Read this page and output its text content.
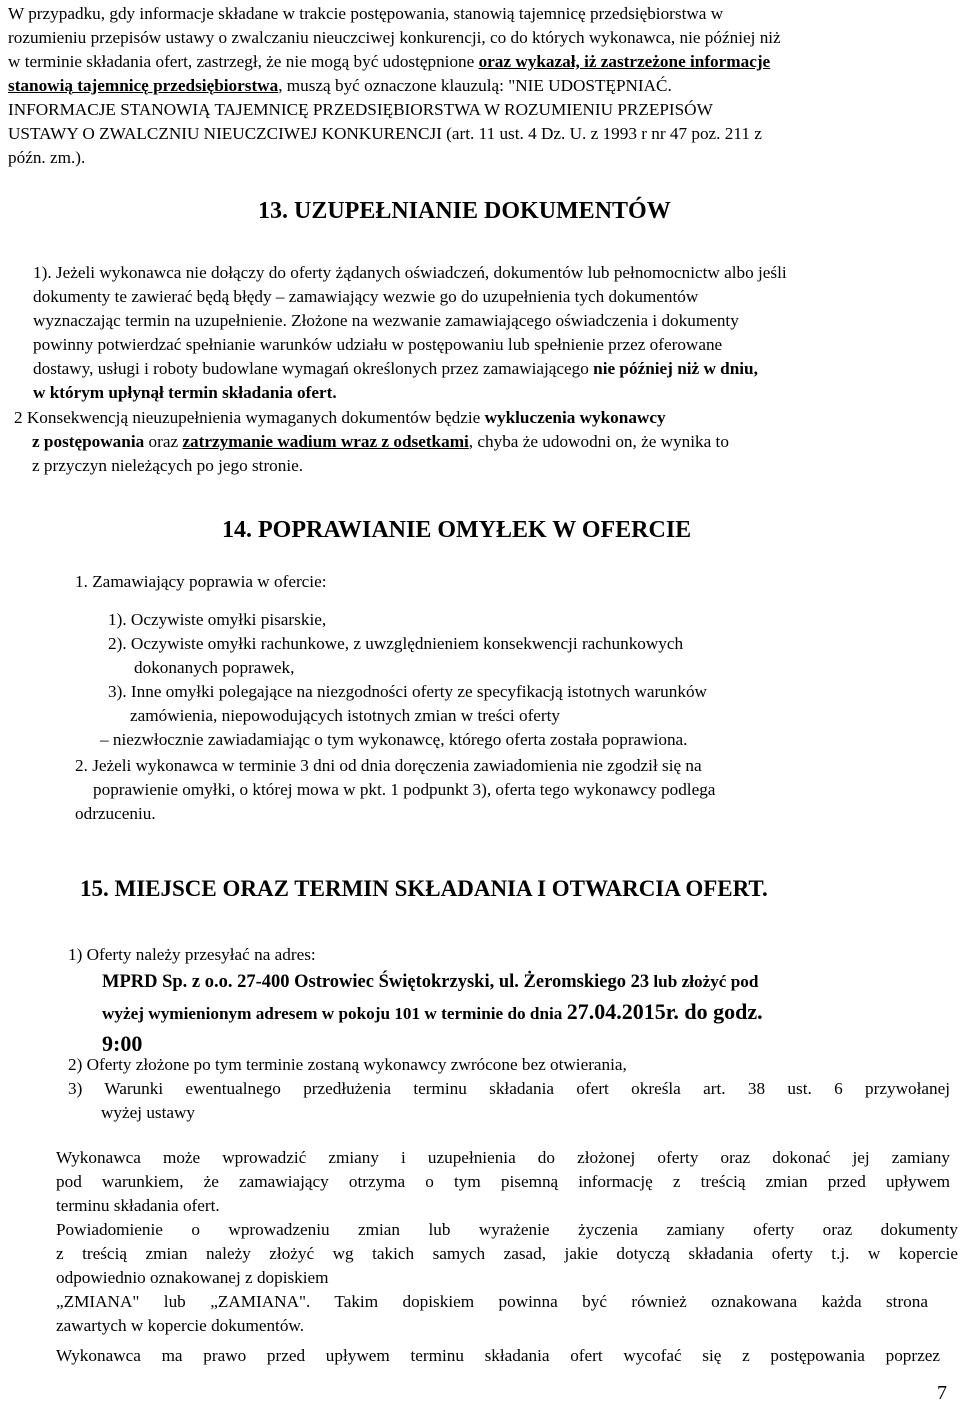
W przypadku, gdy informacje składane w trakcie postępowania, stanowią tajemnicę przedsiębiorstwa w
rozumieniu przepisów ustawy o zwalczaniu nieuczciwej konkurencji, co do których wykonawca, nie później niż
w terminie składania ofert, zastrzegł, że nie mogą być udostępnione oraz wykazał, iż zastrzeżone informacje
stanowią tajemnicę przedsiębiorstwa, muszą być oznaczone klauzulą: "NIE UDOSTĘPNIAĆ.
INFORMACJE STANOWIĄ TAJEMNICĘ PRZEDSIĘBIORSTWA W ROZUMIENIU PRZEPISÓW
USTAWY O ZWALCZNIU NIEUCZCIWEJ KONKURENCJI (art. 11 ust. 4 Dz. U. z 1993 r nr 47 poz. 211 z
późn. zm.).
13. UZUPEŁNIANIE DOKUMENTÓW
1). Jeżeli wykonawca nie dołączy do oferty żądanych oświadczeń, dokumentów lub pełnomocnictw albo jeśli
dokumenty te zawierać będą błędy – zamawiający wezwie go do uzupełnienia tych dokumentów
wyznaczając termin na uzupełnienie. Złożone na wezwanie zamawiającego oświadczenia i dokumenty
powinny potwierdzać spełnianie warunków udziału w postępowaniu lub spełnienie przez oferowane
dostawy, usługi i roboty budowlane wymagań określonych przez zamawiającego nie później niż w dniu,
w którym upłynął termin składania ofert.
2 Konsekwencją nieuzupełnienia wymaganych dokumentów będzie wykluczenia wykonawcy
z postępowania oraz zatrzymanie wadium wraz z odsetkami, chyba że udowodni on, że wynika to
z przyczyn nieleżących po jego stronie.
14. POPRAWIANIE OMYŁEK W OFERCIE
1. Zamawiający poprawia w ofercie:
1). Oczywiste omyłki pisarskie,
2). Oczywiste omyłki rachunkowe, z uwzględnieniem konsekwencji rachunkowych
dokonanych poprawek,
3). Inne omyłki polegające na niezgodności oferty ze specyfikacją istotnych warunków
zamówienia, niepowodujących istotnych zmian w treści oferty
– niezwłocznie zawiadamiając o tym wykonawcę, którego oferta została poprawiona.
2. Jeżeli wykonawca w terminie 3 dni od dnia doręczenia zawiadomienia nie zgodził się na
poprawienie omyłki, o której mowa w pkt. 1 podpunkt 3), oferta tego wykonawcy podlega
odrzuceniu.
15. MIEJSCE ORAZ TERMIN SKŁADANIA I OTWARCIA OFERT.
1) Oferty należy przesyłać na adres:
MPRD Sp. z o.o. 27-400 Ostrowiec Świętokrzyski, ul. Żeromskiego 23 lub złożyć pod
wyżej wymienionym adresem w pokoju 101 w terminie do dnia 27.04.2015r. do godz.
9:00
2) Oferty złożone po tym terminie zostaną wykonawcy zwrócone bez otwierania,
3) Warunki ewentualnego przedłużenia terminu składania ofert określa art. 38 ust. 6 przywołanej
wyżej ustawy
Wykonawca może wprowadzić zmiany i uzupełnienia do złożonej oferty oraz dokonać jej zamiany
pod warunkiem, że zamawiający otrzyma o tym pisemną informację z treścią zmian przed upływem
terminu składania ofert.
Powiadomienie o wprowadzeniu zmian lub wyrażenie życzenia zamiany oferty oraz dokumenty
z treścią zmian należy złożyć wg takich samych zasad, jakie dotyczą składania oferty t.j. w kopercie
odpowiednio oznakowanej z dopiskiem
„ZMIANA" lub „ZAMIANA". Takim dopiskiem powinna być również oznakowana każda strona
zawartych w kopercie dokumentów.
Wykonawca ma prawo przed upływem terminu składania ofert wycofać się z postępowania poprzez
7
